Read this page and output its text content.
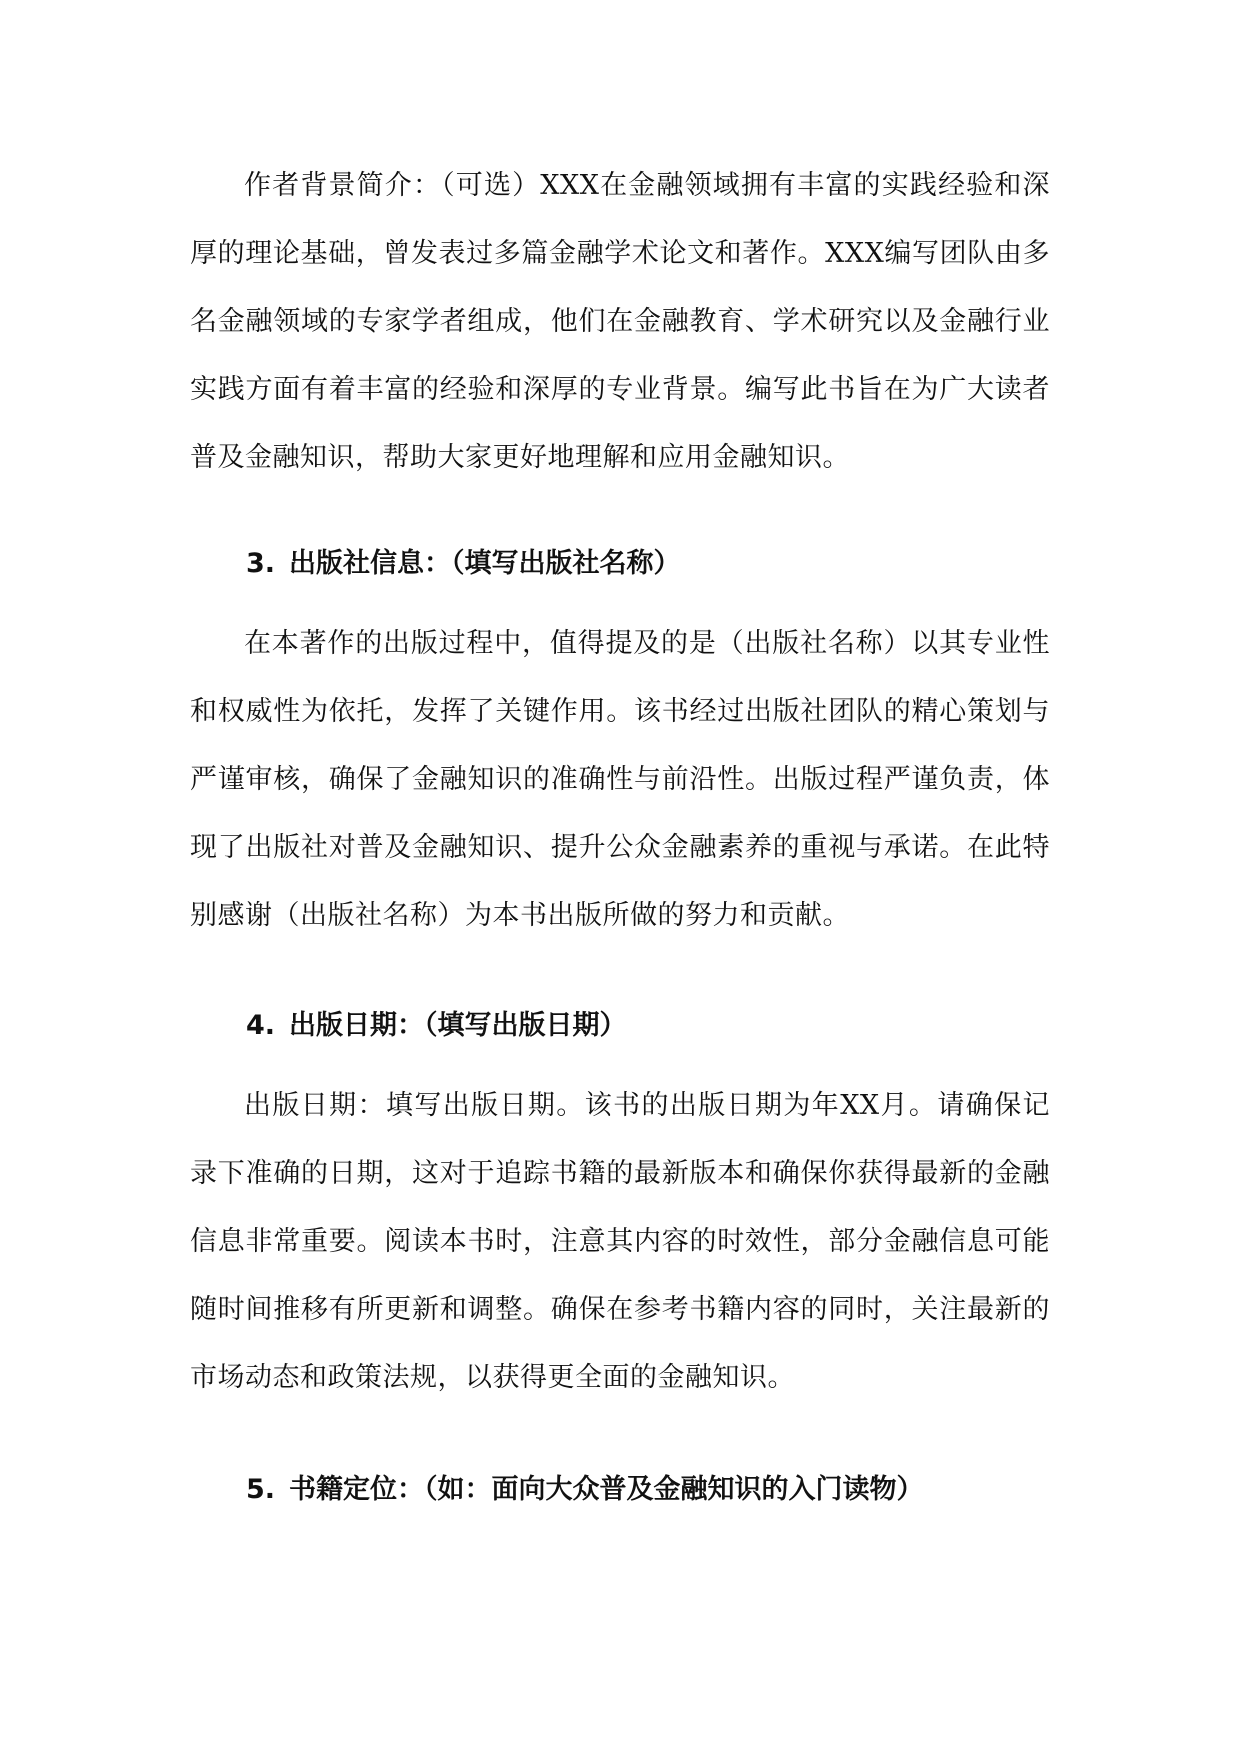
作者背景简介：（可选）XXX在金融领域拥有丰富的实践经验和深厚的理论基础，曾发表过多篇金融学术论文和著作。XXX编写团队由多名金融领域的专家学者组成，他们在金融教育、学术研究以及金融行业实践方面有着丰富的经验和深厚的专业背景。编写此书旨在为广大读者普及金融知识，帮助大家更好地理解和应用金融知识。

3. 出版社信息：（填写出版社名称）

在本著作的出版过程中，值得提及的是（出版社名称）以其专业性和权威性为依托，发挥了关键作用。该书经过出版社团队的精心策划与严谨审核，确保了金融知识的准确性与前沿性。出版过程严谨负责，体现了出版社对普及金融知识、提升公众金融素养的重视与承诺。在此特别感谢（出版社名称）为本书出版所做的努力和贡献。

4. 出版日期：（填写出版日期）

出版日期：填写出版日期。该书的出版日期为年XX月。请确保记录下准确的日期，这对于追踪书籍的最新版本和确保你获得最新的金融信息非常重要。阅读本书时，注意其内容的时效性，部分金融信息可能随时间推移有所更新和调整。确保在参考书籍内容的同时，关注最新的市场动态和政策法规，以获得更全面的金融知识。

5. 书籍定位：（如：面向大众普及金融知识的入门读物）
